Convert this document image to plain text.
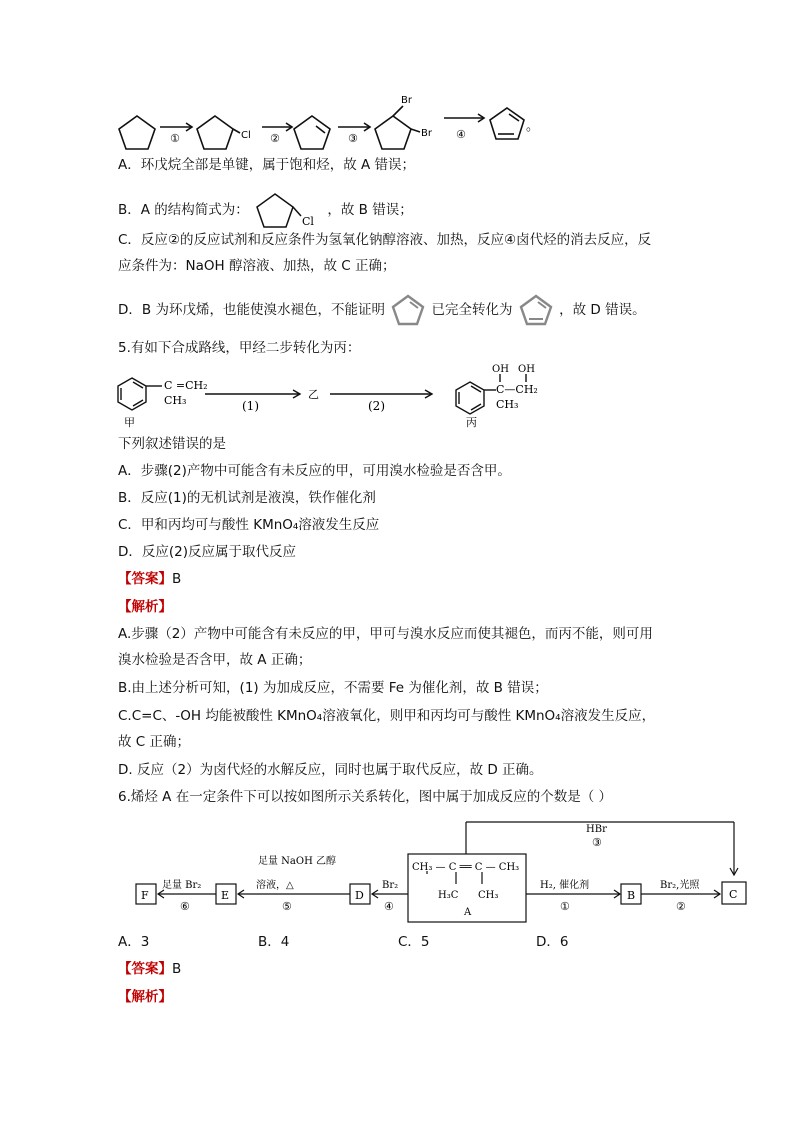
①	Cl ②	③
Br
Br ④
。
A．环戊烷全部是单键，属于饱和烃，故 A 错误；
B．A 的结构简式为：
Cl
，故 B 错误；
C．反应②的反应试剂和反应条件为氢氧化钠醇溶液、加热，反应④卤代烃的消去反应，反
应条件为：NaOH 醇溶液、加热，故 C 正确；
D．B 为环戊烯，也能使溴水褪色，不能证明	已完全转化为	，故 D 错误。
5.有如下合成路线，甲经二步转化为丙：
C =CH₂
CH₃
甲
(1)
乙
(2)
OH OH
C—CH₂
CH₃
丙
下列叙述错误的是
A．步骤(2)产物中可能含有未反应的甲，可用溴水检验是否含甲。
B．反应(1)的无机试剂是液溴，铁作催化剂
C．甲和丙均可与酸性 KMnO₄溶液发生反应
D．反应(2)反应属于取代反应
【答案】B
【解析】
A.步骤（2）产物中可能含有未反应的甲，甲可与溴水反应而使其褪色，而丙不能，则可用
溴水检验是否含甲，故 A 正确；
B.由上述分析可知，(1) 为加成反应，不需要 Fe 为催化剂，故 B 错误；
C.C=C、-OH 均能被酸性 KMnO₄溶液氧化，则甲和丙均可与酸性 KMnO₄溶液发生反应，
故 C 正确；
D. 反应（2）为卤代烃的水解反应，同时也属于取代反应，故 D 正确。
6.烯烃 A 在一定条件下可以按如图所示关系转化，图中属于加成反应的个数是（ ）
HBr
③
CH₃ — C ══ C — CH₃
H₃C CH₃
A
H₂, 催化剂
①
B
Br₂,光照
②
C
D
Br₂
④
足量 NaOH 乙醇
溶液，△
⑤
E
足量 Br₂
⑥
F
A．3	B．4	C．5	D．6
【答案】B
【解析】
